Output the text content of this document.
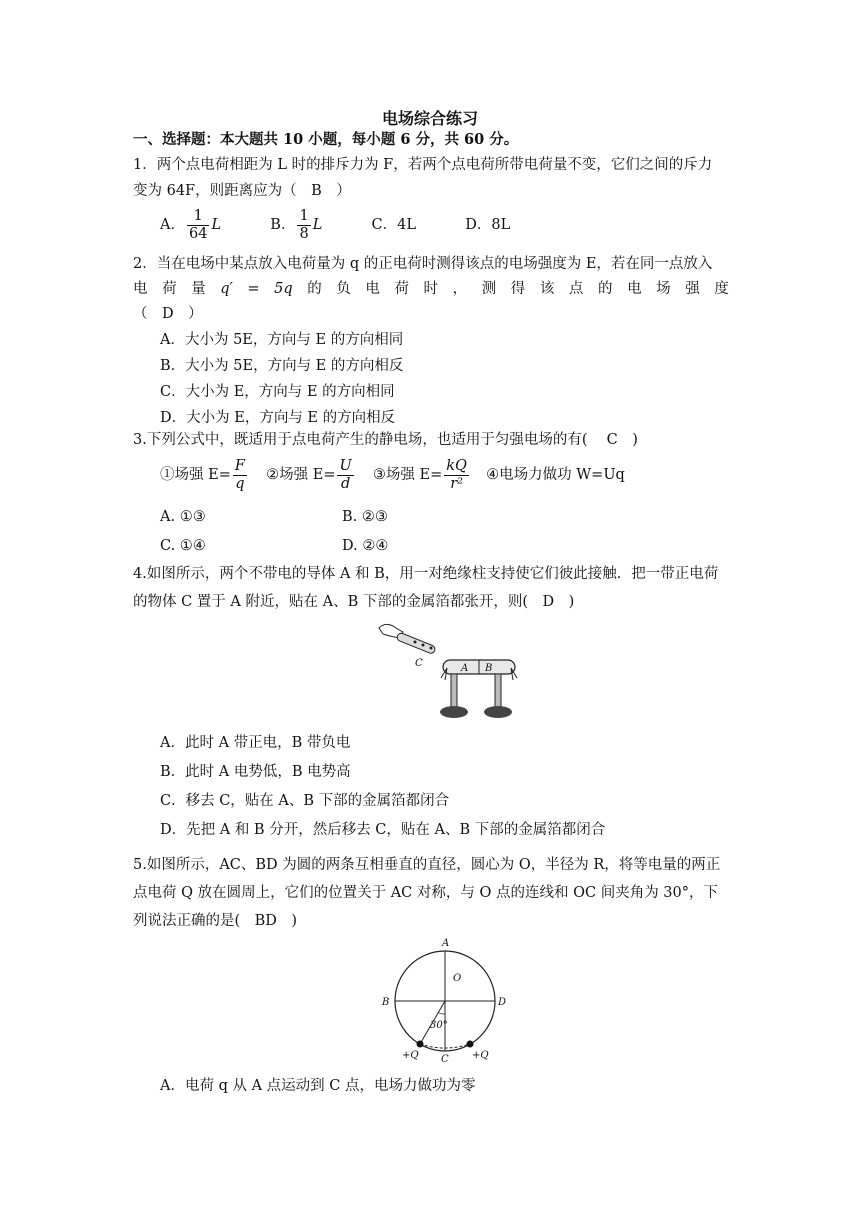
电场综合练习
一、选择题：本大题共 10 小题，每小题 6 分，共 60 分。
1．两个点电荷相距为 L 时的排斥力为 F，若两个点电荷所带电荷量不变，它们之间的斥力
变为 64F，则距离应为（　B　）
A． $\frac{1}{64}$ L	B． $\frac{1}{8}$ L	C．4L	D．8L
2．当在电场中某点放入电荷量为 q 的正电荷时测得该点的电场强度为 E，若在同一点放入
电 荷 量 q′ = 5q 的 负 电 荷 时 ， 测 得 该 点 的 电 场 强 度
（　D　）
A．大小为 5E，方向与 E 的方向相同
B．大小为 5E，方向与 E 的方向相反
C．大小为 E，方向与 E 的方向相同
D．大小为 E，方向与 E 的方向相反
3.下列公式中，既适用于点电荷产生的静电场，也适用于匀强电场的有(　 C　)
①场强 $E= \frac{F}{q}$ ②场强 $E= \frac{U}{d}$ ③场强 $E= \frac{kQ}{\text{r²}}$ ④电场力做功 W=Uq
A. ①③	B. ②③
C. ①④	D. ②④
4.如图所示，两个不带电的导体 A 和 B，用一对绝缘柱支持使它们彼此接触．把一带正电荷
的物体 C 置于 A 附近，贴在 A、B 下部的金属箔都张开，则(　D　)
C	A B
A．此时 A 带正电，B 带负电
B．此时 A 电势低，B 电势高
C．移去 C，贴在 A、B 下部的金属箔都闭合
D．先把 A 和 B 分开，然后移去 C，贴在 A、B 下部的金属箔都闭合
5.如图所示，AC、BD 为圆的两条互相垂直的直径，圆心为 O，半径为 R，将等电量的两正
点电荷 Q 放在圆周上，它们的位置关于 AC 对称，与 O 点的连线和 OC 间夹角为 30°，下
列说法正确的是(　BD　)
A
O
B	D
30°
+Q	+Q
C
A．电荷 q 从 A 点运动到 C 点，电场力做功为零
